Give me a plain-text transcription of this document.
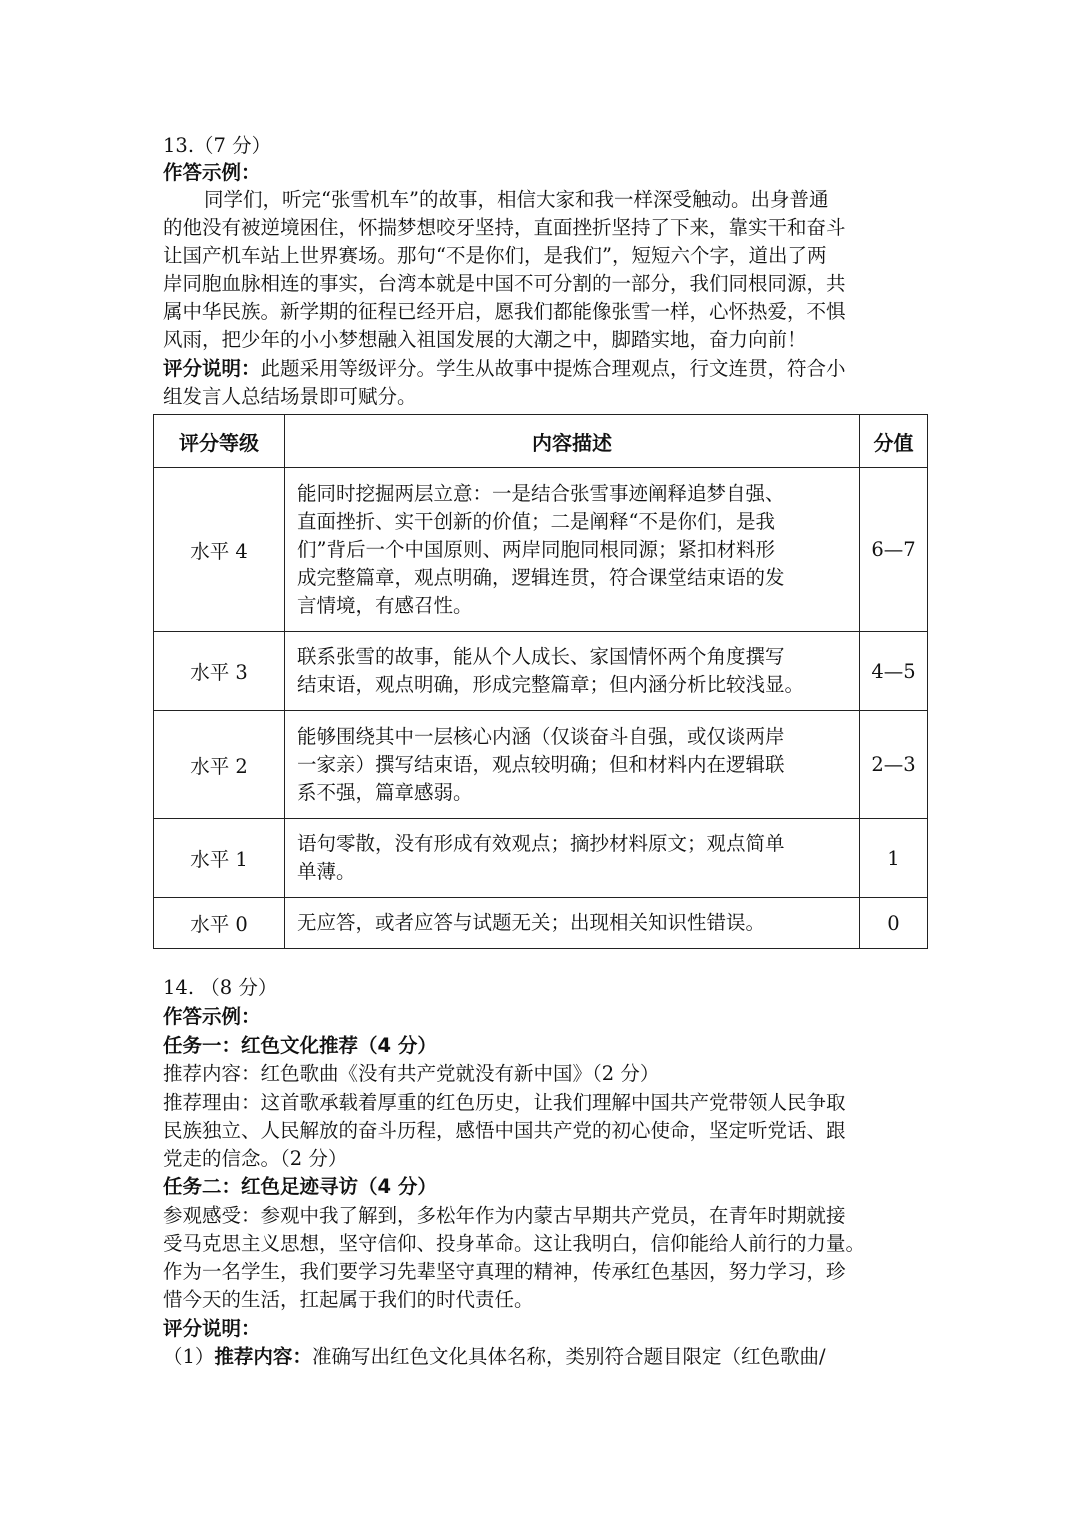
13.（7 分）
作答示例：
同学们，听完“张雪机车”的故事，相信大家和我一样深受触动。出身普通
的他没有被逆境困住，怀揣梦想咬牙坚持，直面挫折坚持了下来，靠实干和奋斗
让国产机车站上世界赛场。那句“不是你们，是我们”，短短六个字，道出了两
岸同胞血脉相连的事实，台湾本就是中国不可分割的一部分，我们同根同源，共
属中华民族。新学期的征程已经开启，愿我们都能像张雪一样，心怀热爱，不惧
风雨，把少年的小小梦想融入祖国发展的大潮之中，脚踏实地，奋力向前！
评分说明：此题采用等级评分。学生从故事中提炼合理观点，行文连贯，符合小
组发言人总结场景即可赋分。
评分等级	内容描述	分值
水平 4	能同时挖掘两层立意：一是结合张雪事迹阐释追梦自强、
直面挫折、实干创新的价值；二是阐释“不是你们，是我
们”背后一个中国原则、两岸同胞同根同源；紧扣材料形
成完整篇章，观点明确，逻辑连贯，符合课堂结束语的发
言情境，有感召性。	6—7
水平 3	联系张雪的故事，能从个人成长、家国情怀两个角度撰写
结束语，观点明确，形成完整篇章；但内涵分析比较浅显。	4—5
水平 2	能够围绕其中一层核心内涵（仅谈奋斗自强，或仅谈两岸
一家亲）撰写结束语，观点较明确；但和材料内在逻辑联
系不强，篇章感弱。	2—3
水平 1	语句零散，没有形成有效观点；摘抄材料原文；观点简单
单薄。	1
水平 0	无应答，或者应答与试题无关；出现相关知识性错误。	0
14. （8 分）
作答示例：
任务一：红色文化推荐（4 分）
推荐内容：红色歌曲《没有共产党就没有新中国》（2 分）
推荐理由：这首歌承载着厚重的红色历史，让我们理解中国共产党带领人民争取
民族独立、人民解放的奋斗历程，感悟中国共产党的初心使命，坚定听党话、跟
党走的信念。（2 分）
任务二：红色足迹寻访（4 分）
参观感受：参观中我了解到，多松年作为内蒙古早期共产党员，在青年时期就接
受马克思主义思想，坚守信仰、投身革命。这让我明白，信仰能给人前行的力量。
作为一名学生，我们要学习先辈坚守真理的精神，传承红色基因，努力学习，珍
惜今天的生活，扛起属于我们的时代责任。
评分说明：
（1）推荐内容：准确写出红色文化具体名称，类别符合题目限定（红色歌曲/
